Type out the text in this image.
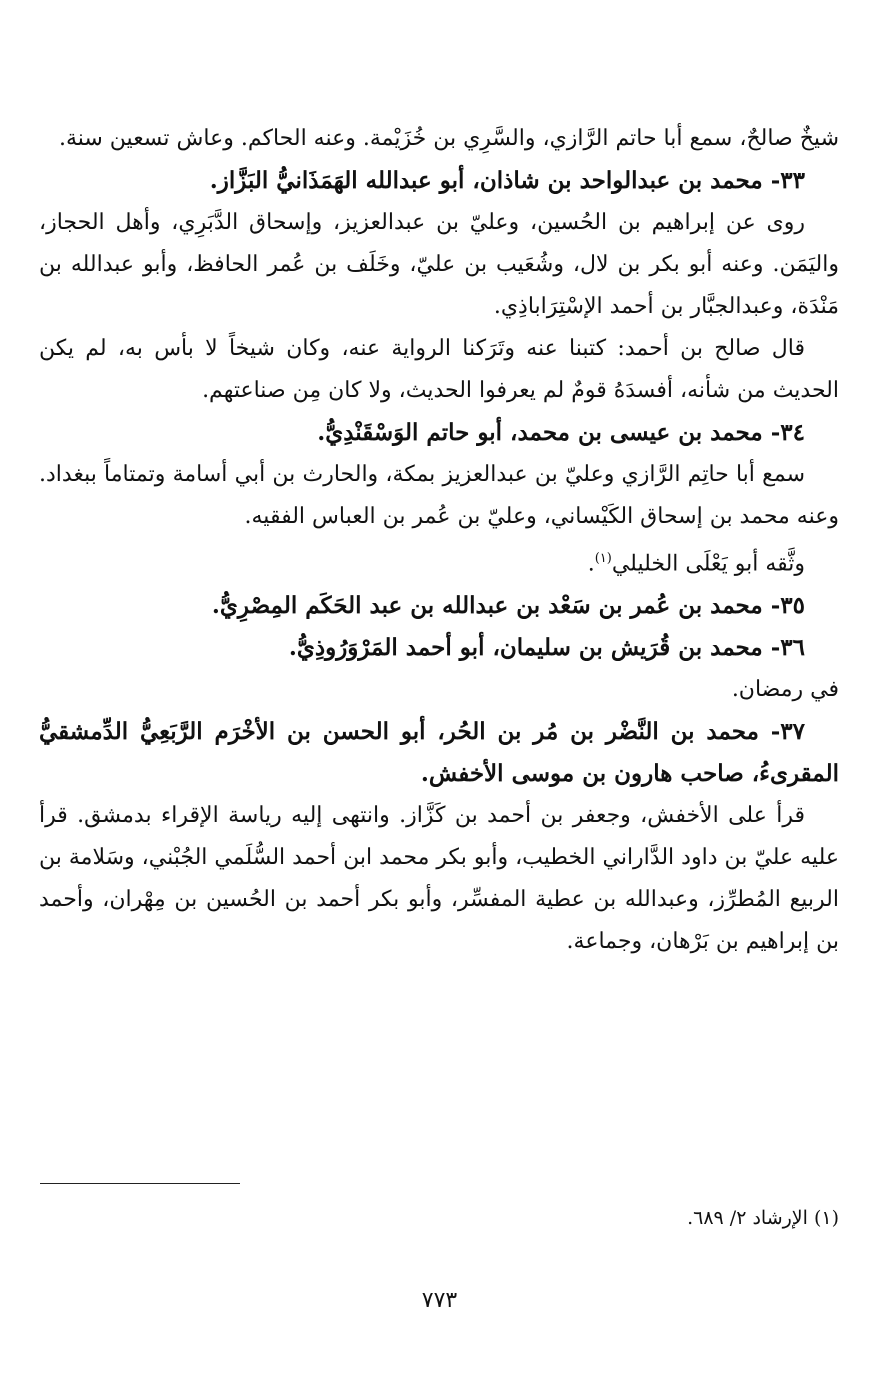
شيخٌ صالحٌ، سمع أبا حاتم الرَّازي، والسَّرِي بن خُزَيْمة. وعنه الحاكم. وعاش تسعين سنة.

٣٣- محمد بن عبدالواحد بن شاذان، أبو عبدالله الهَمَذَانيُّ البَزَّاز.

روى عن إبراهيم بن الحُسين، وعليّ بن عبدالعزيز، وإسحاق الدَّبَرِي، وأهل الحجاز، واليَمَن. وعنه أبو بكر بن لال، وشُعَيب بن عليّ، وخَلَف بن عُمر الحافظ، وأبو عبدالله بن مَنْدَة، وعبدالجبَّار بن أحمد الإسْتِرَاباذِي.

قال صالح بن أحمد: كتبنا عنه وتَرَكنا الرواية عنه، وكان شيخاً لا بأس به، لم يكن الحديث من شأنه، أفسدَهُ قومٌ لم يعرفوا الحديث، ولا كان مِن صناعتهم.

٣٤- محمد بن عيسى بن محمد، أبو حاتم الوَسْقَنْدِيُّ.

سمع أبا حاتِم الرَّازي وعليّ بن عبدالعزيز بمكة، والحارث بن أبي أسامة وتمتاماً ببغداد. وعنه محمد بن إسحاق الكَيْساني، وعليّ بن عُمر بن العباس الفقيه.

وثَّقه أبو يَعْلَى الخليلي$^{(١)}$.

٣٥- محمد بن عُمر بن سَعْد بن عبدالله بن عبد الحَكَم المِصْرِيُّ.

٣٦- محمد بن قُرَيش بن سليمان، أبو أحمد المَرْوَرُوذِيُّ.

في رمضان.

٣٧- محمد بن النَّضْر بن مُر بن الحُر، أبو الحسن بن الأخْرَم الرَّبَعِيُّ الدِّمشقيُّ المقرىءُ، صاحب هارون بن موسى الأخفش.

قرأ على الأخفش، وجعفر بن أحمد بن كَزَّاز. وانتهى إليه رياسة الإقراء بدمشق. قرأ عليه عليّ بن داود الدَّاراني الخطيب، وأبو بكر محمد ابن أحمد السُّلَمي الجُبْني، وسَلامة بن الربيع المُطرِّز، وعبدالله بن عطية المفسِّر، وأبو بكر أحمد بن الحُسين بن مِهْران، وأحمد بن إبراهيم بن بَرْهان، وجماعة.

(١) الإرشاد ٢/ ٦٨٩.

٧٧٣
